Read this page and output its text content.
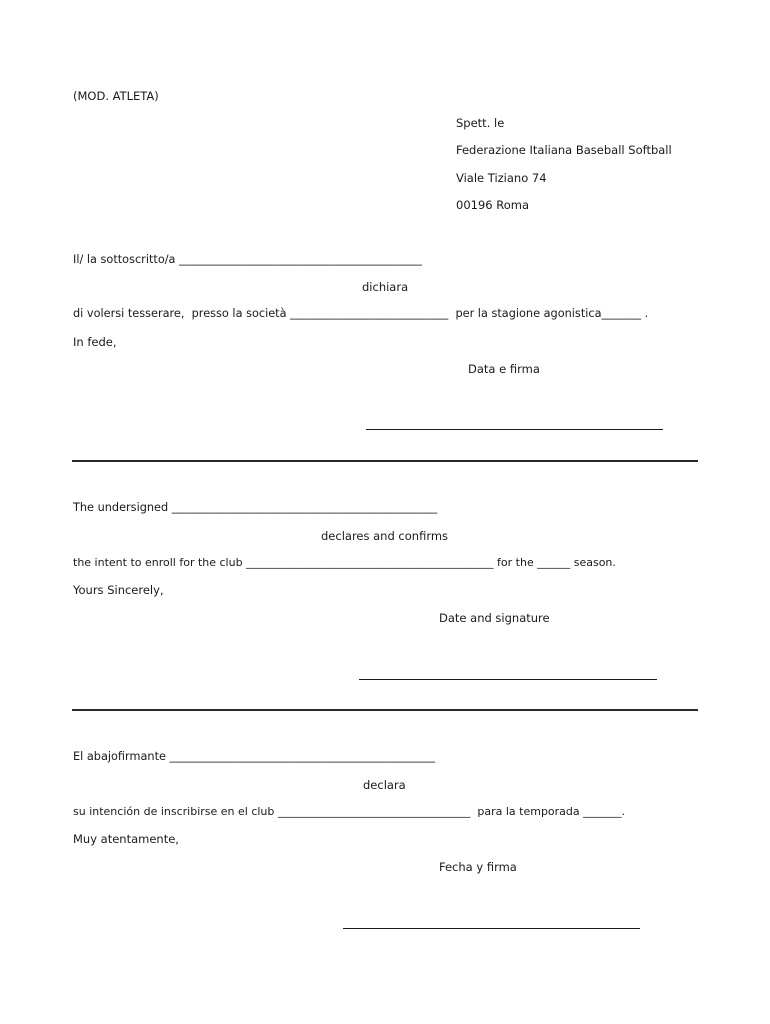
(MOD. ATLETA)
Spett. le
Federazione Italiana Baseball Softball
Viale Tiziano 74
00196 Roma
Il/ la sottoscritto/a ___________________________________________
dichiara
di volersi tesserare,  presso la società ____________________________  per la stagione agonistica_______ .
In fede,
Data e firma
The undersigned _______________________________________________
declares and confirms
the intent to enroll for the club _____________________________________________ for the ______ season.
Yours Sincerely,
Date and signature
El abajofirmante _______________________________________________
declara
su intención de inscribirse en el club ___________________________________  para la temporada _______.
Muy atentamente,
Fecha y firma
